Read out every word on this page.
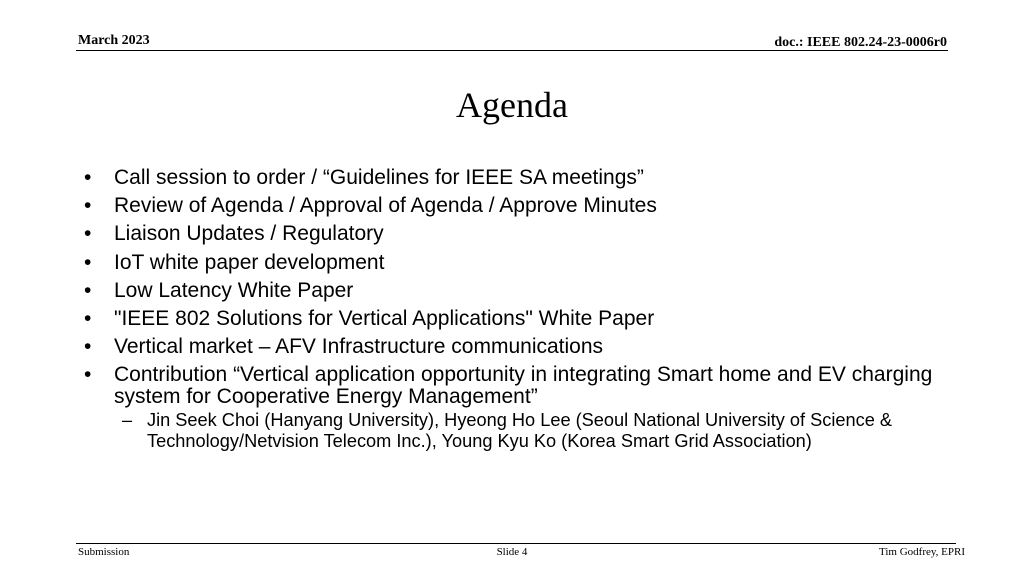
March 2023	doc.: IEEE 802.24-23-0006r0
Agenda
• Call session to order / “Guidelines for IEEE SA meetings”
• Review of Agenda / Approval of Agenda / Approve Minutes
• Liaison Updates / Regulatory
• IoT white paper development
• Low Latency White Paper
• "IEEE 802 Solutions for Vertical Applications" White Paper
• Vertical market – AFV Infrastructure communications
• Contribution “Vertical application opportunity in integrating Smart home and EV charging system for Cooperative Energy Management”
– Jin Seek Choi (Hanyang University), Hyeong Ho Lee (Seoul National University of Science & Technology/Netvision Telecom Inc.), Young Kyu Ko (Korea Smart Grid Association)
Submission	Slide 4	Tim Godfrey, EPRI
